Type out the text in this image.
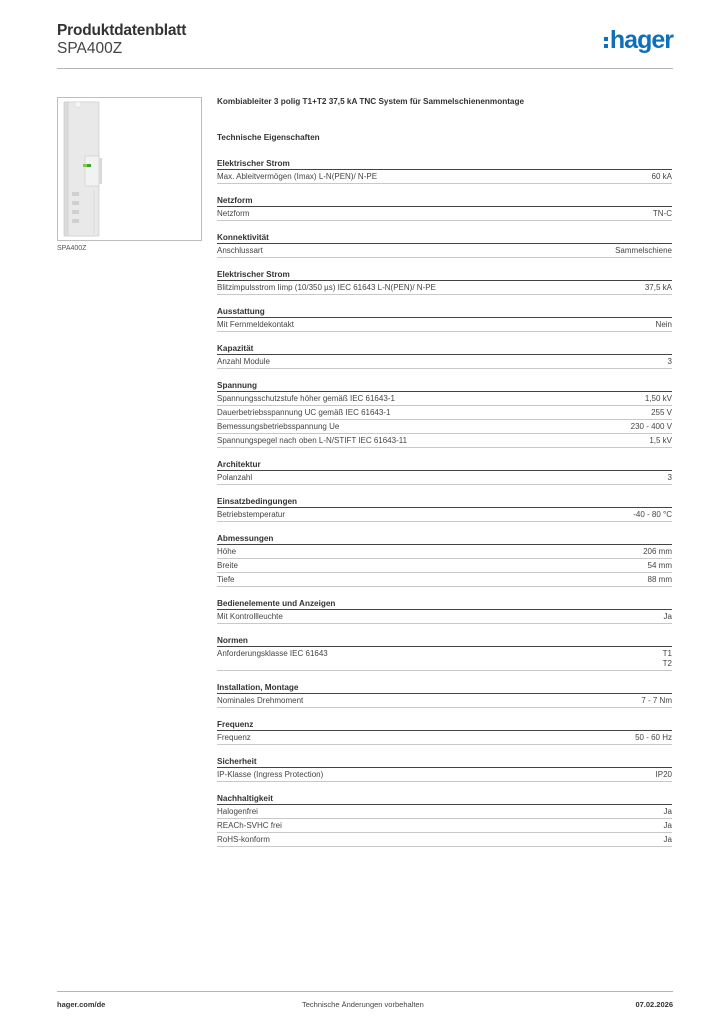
Produktdatenblatt
SPA400Z	hager
SPA400Z
Kombiableiter 3 polig T1+T2 37,5 kA TNC System für Sammelschienenmontage
Technische Eigenschaften
Elektrischer Strom
Max. Ableitvermögen (Imax) L-N(PEN)/ N-PE	60 kA
Netzform
Netzform	TN-C
Konnektivität
Anschlussart	Sammelschiene
Elektrischer Strom
Blitzimpulsstrom Iimp (10/350 µs) IEC 61643 L-N(PEN)/ N-PE	37,5 kA
Ausstattung
Mit Fernmeldekontakt	Nein
Kapazität
Anzahl Module	3
Spannung
Spannungsschutzstufe höher gemäß IEC 61643-1	1,50 kV
Dauerbetriebsspannung UC gemäß IEC 61643-1	255 V
Bemessungsbetriebsspannung Ue	230 - 400 V
Spannungspegel nach oben L-N/STIFT IEC 61643-11	1,5 kV
Architektur
Polanzahl	3
Einsatzbedingungen
Betriebstemperatur	-40 - 80 °C
Abmessungen
Höhe	206 mm
Breite	54 mm
Tiefe	88 mm
Bedienelemente und Anzeigen
Mit Kontrollleuchte	Ja
Normen
Anforderungsklasse IEC 61643	T1
T2
Installation, Montage
Nominales Drehmoment	7 - 7 Nm
Frequenz
Frequenz	50 - 60 Hz
Sicherheit
IP-Klasse (Ingress Protection)	IP20
Nachhaltigkeit
Halogenfrei	Ja
REACh-SVHC frei	Ja
RoHS-konform	Ja
hager.com/de	Technische Änderungen vorbehalten	07.02.2026
